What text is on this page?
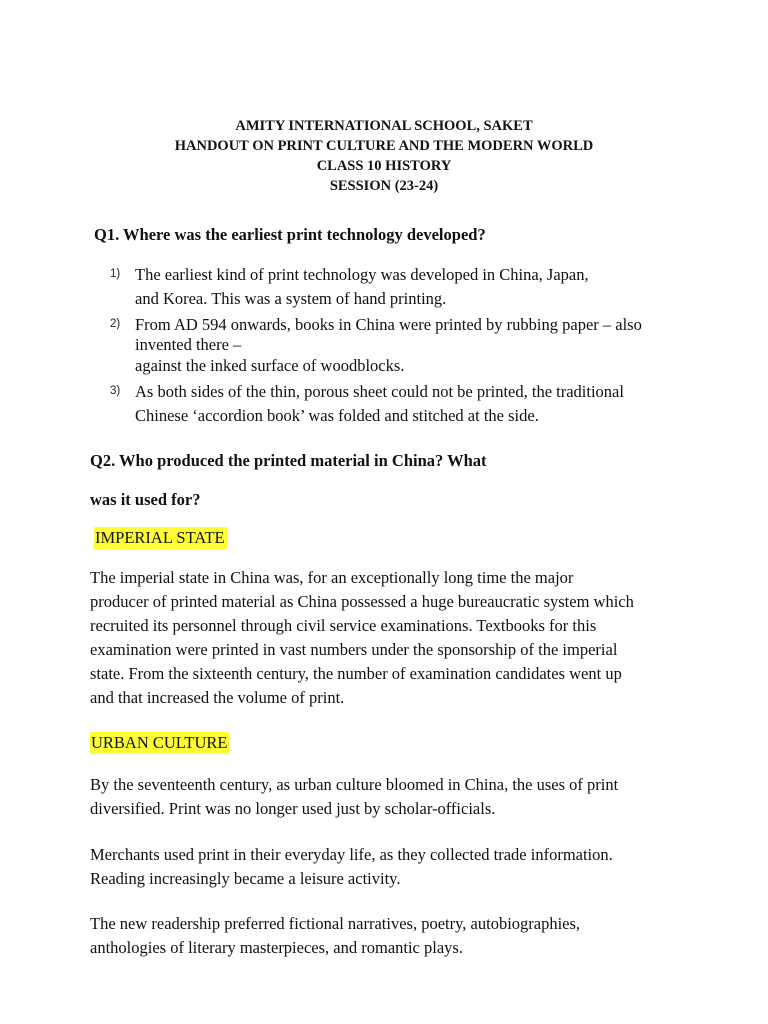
AMITY INTERNATIONAL SCHOOL, SAKET
HANDOUT ON PRINT CULTURE AND THE MODERN WORLD
CLASS 10 HISTORY
SESSION (23-24)
Q1. Where was the earliest print technology developed?
1) The earliest kind of print technology was developed in China, Japan,
and Korea. This was a system of hand printing.
2) From AD 594 onwards, books in China were printed by rubbing paper – also
invented there –
against the inked surface of woodblocks.
3) As both sides of the thin, porous sheet could not be printed, the traditional
Chinese ‘accordion book’ was folded and stitched at the side.
Q2. Who produced the printed material in China? What
was it used for?
IMPERIAL STATE
The imperial state in China was, for an exceptionally long time the major
producer of printed material as China possessed a huge bureaucratic system which
recruited its personnel through civil service examinations. Textbooks for this
examination were printed in vast numbers under the sponsorship of the imperial
state. From the sixteenth century, the number of examination candidates went up
and that increased the volume of print.
URBAN CULTURE
By the seventeenth century, as urban culture bloomed in China, the uses of print
diversified. Print was no longer used just by scholar-officials.
Merchants used print in their everyday life, as they collected trade information.
Reading increasingly became a leisure activity.
The new readership preferred fictional narratives, poetry, autobiographies,
anthologies of literary masterpieces, and romantic plays.
